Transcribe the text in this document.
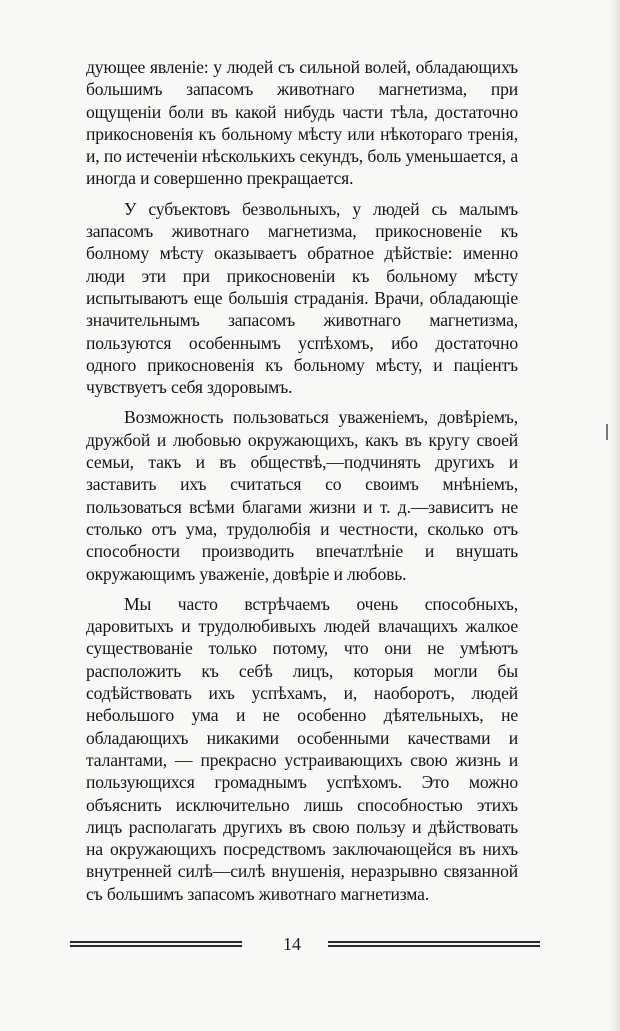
дующее явленіе: у людей съ сильной волей, обладающихъ большимъ запасомъ животнаго магнетизма, при ощущеніи боли въ какой нибудь части тѣла, достаточно прикосновенія къ больному мѣсту или нѣкотораго тренія, и, по истеченіи нѣсколькихъ секундъ, боль уменьшается, а иногда и совершенно прекращается.

У субъектовъ безвольныхъ, у людей сь малымъ запасомъ животнаго магнетизма, прикосновеніе къ болному мѣсту оказываетъ обратное дѣйствіе: именно люди эти при прикосновеніи къ больному мѣсту испытываютъ еще большія страданія. Врачи, обладающіе значительнымъ запасомъ животнаго магнетизма, пользуются особеннымъ успѣхомъ, ибо достаточно одного прикосновенія къ больному мѣсту, и паціентъ чувствуетъ себя здоровымъ.

Возможность пользоваться уваженіемъ, довѣріемъ, дружбой и любовью окружающихъ, какъ въ кругу своей семьи, такъ и въ обществѣ,—подчинять другихъ и заставить ихъ считаться со своимъ мнѣніемъ, пользоваться всѣми благами жизни и т. д.—зависитъ не столько отъ ума, трудолюбія и честности, сколько отъ способности производить впечатлѣніе и внушать окружающимъ уваженіе, довѣріе и любовь.

Мы часто встрѣчаемъ очень способныхъ, даровитыхъ и трудолюбивыхъ людей влачащихъ жалкое существованіе только потому, что они не умѣютъ расположить къ себѣ лицъ, которыя могли бы содѣйствовать ихъ успѣхамъ, и, наоборотъ, людей небольшого ума и не особенно дѣятельныхъ, не обладающихъ никакими особенными качествами и талантами, — прекрасно устраивающихъ свою жизнь и пользующихся громаднымъ успѣхомъ. Это можно объяснить исключительно лишь способностью этихъ лицъ располагать другихъ въ свою пользу и дѣйствовать на окружающихъ посредствомъ заключающейся въ нихъ внутренней силѣ—силѣ внушенія, неразрывно связанной съ большимъ запасомъ животнаго магнетизма.

14
